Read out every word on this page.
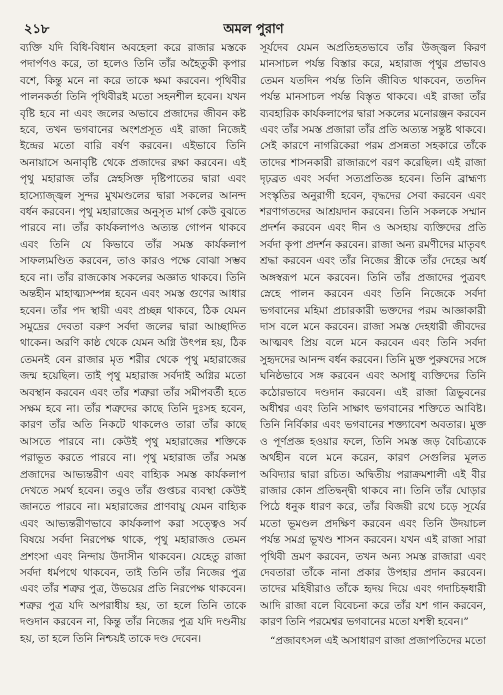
২১৮	অমল পুরাণ

ব্যক্তি যদি বিধি-বিধান অবহেলা করে রাজার মস্তকে পদার্পণও করে, তা হলেও তিনি তাঁর অহৈতুকী কৃপার বশে, কিন্তু মনে না করে তাকে ক্ষমা করবেন। পৃথিবীর পালনকর্তা তিনি পৃথিবীরই মতো সহনশীল হবেন। যখন বৃষ্টি হবে না এবং জলের অভাবে প্রজাদের জীবন কষ্ট হবে, তখন ভগবানের অংশপ্রসূত এই রাজা নিজেই ইন্দ্রের মতো বারি বর্ষণ করবেন। এইভাবে তিনি অনায়াসে অনাবৃষ্টি থেকে প্রজাদের রক্ষা করবেন। এই পৃথু মহারাজ তাঁর স্নেহসিক্ত দৃষ্টিপাতের দ্বারা এবং হাস্যোজ্জ্বল সুন্দর মুখমণ্ডলের দ্বারা সকলের আনন্দ বর্ধন করবেন। পৃথু মহারাজের অনুসৃত মার্গ কেউ বুঝতে পারবে না। তাঁর কার্যকলাপও অত্যন্ত গোপন থাকবে এবং তিনি যে কিভাবে তাঁর সমস্ত কার্যকলাপ সাফল্যমণ্ডিত করবেন, তাও কারও পক্ষে বোঝা সম্ভব হবে না। তাঁর রাজকোষ সকলের অজ্ঞাত থাকবে। তিনি অন্তহীন মাহাত্ম্যসম্পন্ন হবেন এবং সমস্ত গুণের আধার হবেন। তাঁর পদ স্থায়ী এবং প্রচ্ছন্ন থাকবে, ঠিক যেমন সমুদ্রের দেবতা বরুণ সর্বদা জলের দ্বারা আচ্ছাদিত থাকেন। অরণি কাষ্ঠ থেকে যেমন অগ্নি উৎপন্ন হয়, ঠিক তেমনই বেন রাজার মৃত শরীর থেকে পৃথু মহারাজের জন্ম হয়েছিল। তাই পৃথু মহারাজ সর্বদাই অগ্নির মতো অবস্থান করবেন এবং তাঁর শত্রুরা তাঁর সমীপবর্তী হতে সক্ষম হবে না। তাঁর শত্রুদের কাছে তিনি দুঃসহ হবেন, কারণ তাঁর অতি নিকটে থাকলেও তারা তাঁর কাছে আসতে পারবে না। কেউই পৃথু মহারাজের শক্তিকে পরাভূত করতে পারবে না। পৃথু মহারাজ তাঁর সমস্ত প্রজাদের আভ্যন্তরীণ এবং বাহ্যিক সমস্ত কার্যকলাপ দেখতে সমর্থ হবেন। তবুও তাঁর গুপ্তচর ব্যবস্থা কেউই জানতে পারবে না। মহারাজের প্রাণবায়ু যেমন বাহ্যিক এবং আভ্যন্তরীণভাবে কার্যকলাপ করা সত্ত্বেও সর্ব বিষয়ে সর্বদা নিরপেক্ষ থাকে, পৃথু মহারাজও তেমন প্রশংসা এবং নিন্দায় উদাসীন থাকবেন। যেহেতু রাজা সর্বদা ধর্মপথে থাকবেন, তাই তিনি তাঁর নিজের পুত্র এবং তাঁর শত্রুর পুত্র, উভয়ের প্রতি নিরপেক্ষ থাকবেন। শত্রুর পুত্র যদি অপরাধীয় হয়, তা হলে তিনি তাকে দণ্ডদান করবেন না, কিন্তু তাঁর নিজের পুত্র যদি দণ্ডনীয় হয়, তা হলে তিনি নিশ্চয়ই তাকে দণ্ড দেবেন।

সূর্যদেব যেমন অপ্রতিহতভাবে তাঁর উজ্জ্বল কিরণ মানসাচল পর্যন্ত বিস্তার করে, মহারাজ পৃথুর প্রভাবও তেমন যতদিন পর্যন্ত তিনি জীবিত থাকবেন, ততদিন পর্যন্ত মানসাচল পর্যন্ত বিস্তৃত থাকবে। এই রাজা তাঁর ব্যবহারিক কার্যকলাপের দ্বারা সকলের মনোরঞ্জন করবেন এবং তাঁর সমস্ত প্রজারা তাঁর প্রতি অত্যন্ত সন্তুষ্ট থাকবে। সেই কারণে নাগরিকেরা পরম প্রসন্নতা সহকারে তাঁকে তাদের শাসনকারী রাজারূপে বরণ করেছিল। এই রাজা দৃঢ়ব্রত এবং সর্বদা সত্যপ্রতিজ্ঞ হবেন। তিনি ব্রাহ্মণ্য সংস্কৃতির অনুরাগী হবেন, বৃদ্ধদের সেবা করবেন এবং শরণাগতদের আশ্রয়দান করবেন। তিনি সকলকে সম্মান প্রদর্শন করবেন এবং দীন ও অসহায় ব্যক্তিদের প্রতি সর্বদা কৃপা প্রদর্শন করবেন। রাজা অন্য রমণীদের মাতৃবৎ শ্রদ্ধা করবেন এবং তাঁর নিজের স্ত্রীকে তাঁর দেহের অর্ধ অঙ্গস্বরূপ মনে করবেন। তিনি তাঁর প্রজাদের পুত্রবৎ স্নেহে পালন করবেন এবং তিনি নিজেকে সর্বদা ভগবানের মহিমা প্রচারকারী ভক্তদের পরম আজ্ঞাকারী দাস বলে মনে করবেন। রাজা সমস্ত দেহধারী জীবদের আত্মবৎ প্রিয় বলে মনে করবেন এবং তিনি সর্বদা সুহৃদদের আনন্দ বর্ধন করবেন। তিনি মুক্ত পুরুষদের সঙ্গে ঘনিষ্ঠভাবে সঙ্গ করবেন এবং অসাধু ব্যক্তিদের তিনি কঠোরভাবে দণ্ডদান করবেন। এই রাজা ত্রিভুবনের অধীশ্বর এবং তিনি সাক্ষাৎ ভগবানের শক্তিতে আবিষ্ট। তিনি নির্বিকার এবং ভগবানের শক্ত্যাবেশ অবতার। মুক্ত ও পূর্ণপ্রজ্ঞ হওয়ার ফলে, তিনি সমস্ত জড় বৈচিত্র্যকে অর্থহীন বলে মনে করেন, কারণ সেগুলির মূলত অবিদ্যার দ্বারা রচিত। অদ্বিতীয় পরাক্রমশালী এই বীর রাজার কোন প্রতিদ্বন্দ্বী থাকবে না। তিনি তাঁর ঘোড়ার পিঠে ধনুক ধারণ করে, তাঁর বিজয়ী রথে চড়ে সূর্যের মতো ভূমণ্ডল প্রদক্ষিণ করবেন এবং তিনি উদয়াচল পর্যন্ত সমগ্র ভূখণ্ড শাসন করবেন। যখন এই রাজা সারা পৃথিবী ভ্রমণ করবেন, তখন অন্য সমস্ত রাজারা এবং দেবতারা তাঁকে নানা প্রকার উপহার প্রদান করবেন। তাদের মহিষীরাও তাঁকে হৃদয় দিয়ে এবং গদাচিহ্নধারী আদি রাজা বলে বিবেচনা করে তাঁর যশ গান করবেন, কারণ তিনি পরমেশ্বর ভগবানের মতো যশস্বী হবেন।”

“প্রজাবৎসল এই অসাধারণ রাজা প্রজাপতিদের মতো
